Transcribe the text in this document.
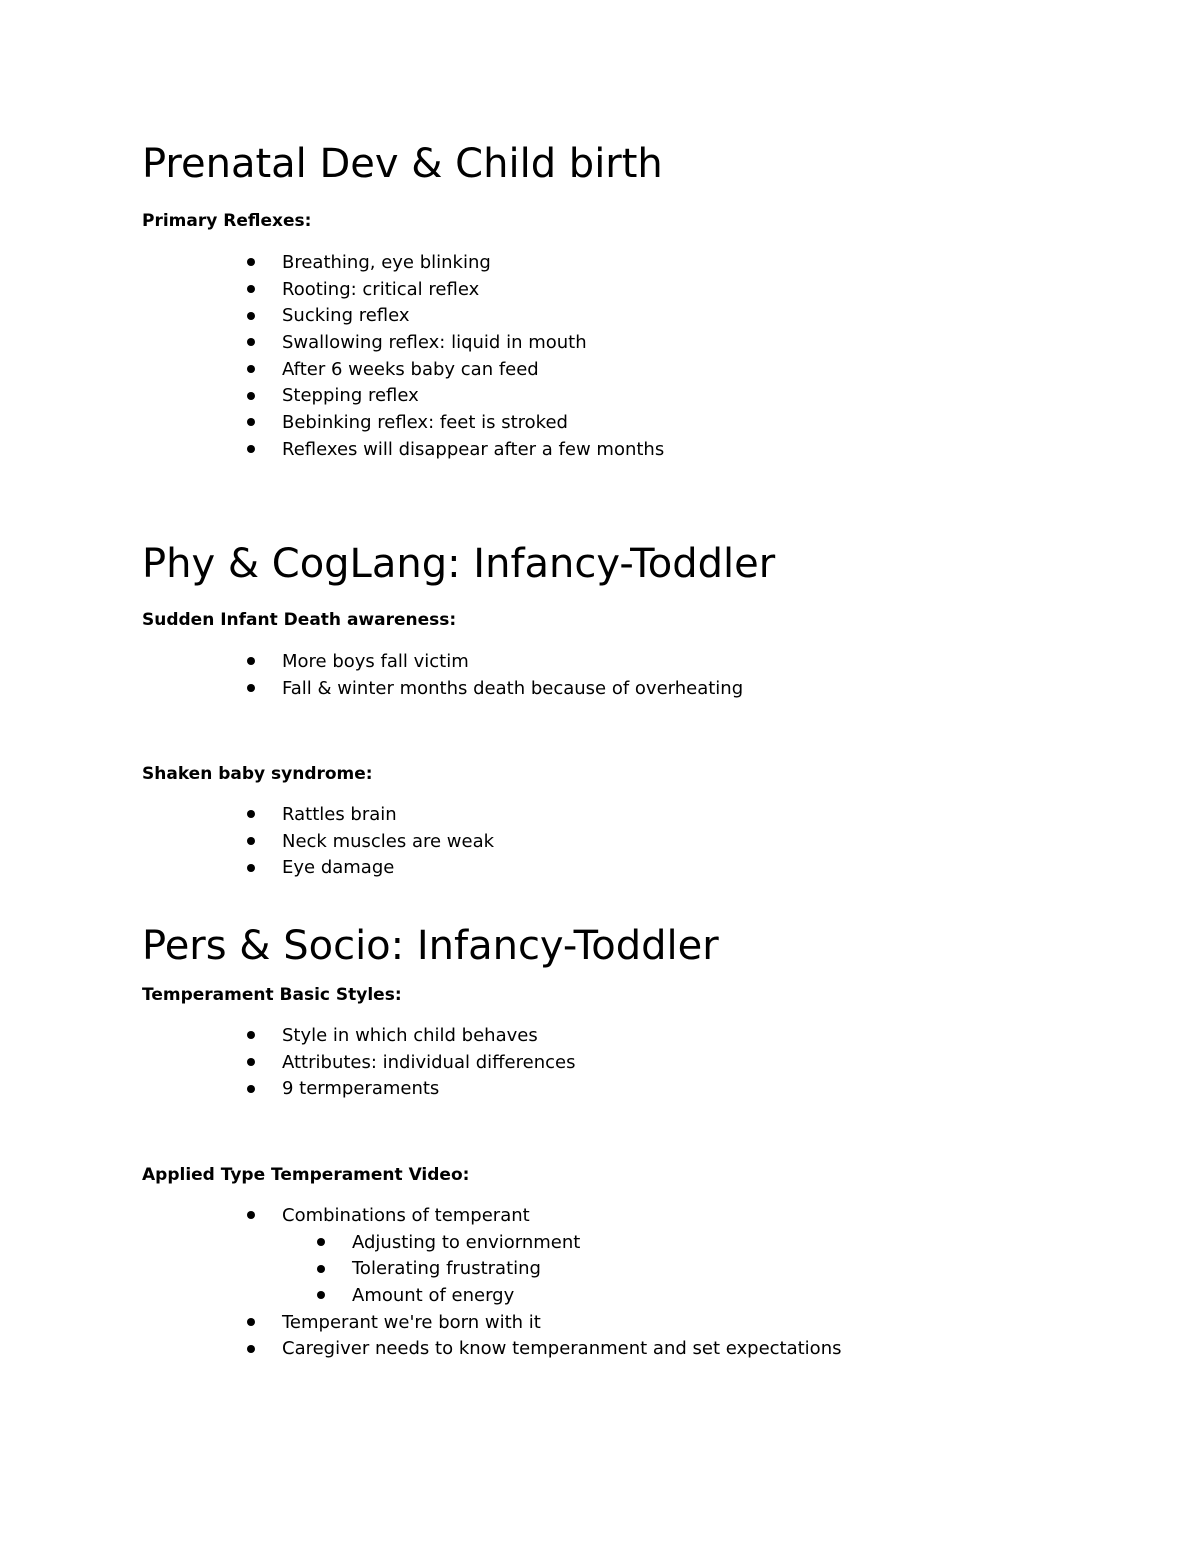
Prenatal Dev & Child birth
Primary Reflexes:
Breathing, eye blinking
Rooting: critical reflex
Sucking reflex
Swallowing reflex: liquid in mouth
After 6 weeks baby can feed
Stepping reflex
Bebinking reflex: feet is stroked
Reflexes will disappear after a few months
Phy & CogLang: Infancy-Toddler
Sudden Infant Death awareness:
More boys fall victim
Fall & winter months death because of overheating
Shaken baby syndrome:
Rattles brain
Neck muscles are weak
Eye damage
Pers & Socio: Infancy-Toddler
Temperament Basic Styles:
Style in which child behaves
Attributes: individual differences
9 termperaments
Applied Type Temperament Video:
Combinations of temperant
Adjusting to enviornment
Tolerating frustrating
Amount of energy
Temperant we're born with it
Caregiver needs to know temperanment and set expectations
